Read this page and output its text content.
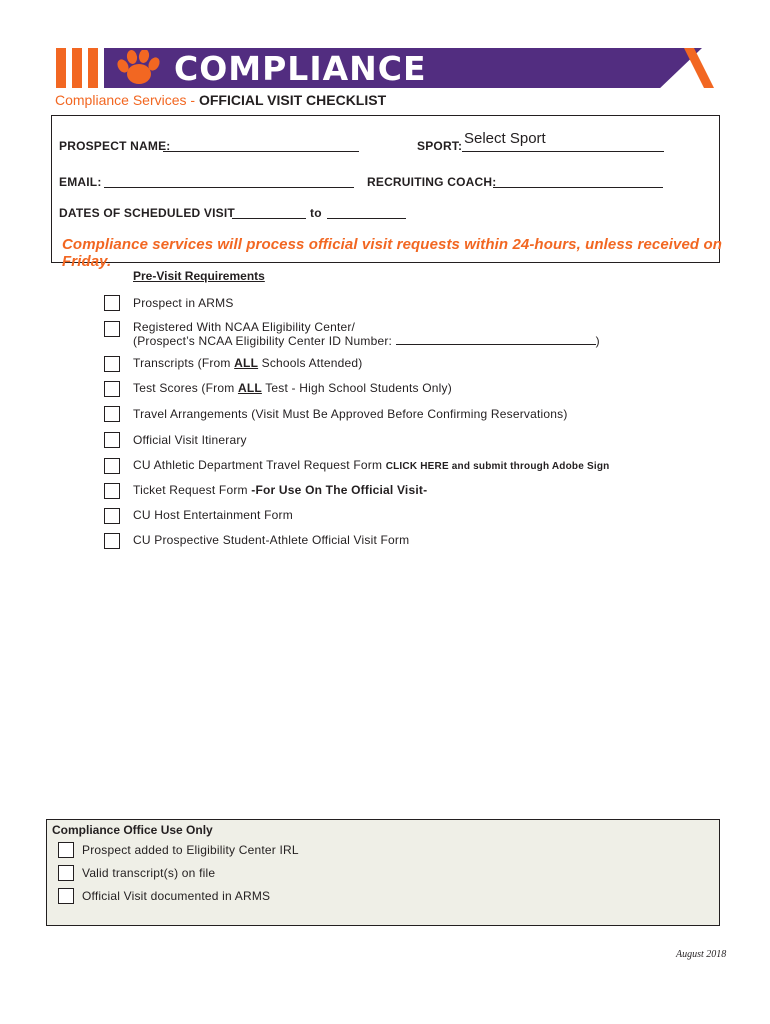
COMPLIANCE
Compliance Services - OFFICIAL VISIT CHECKLIST
PROSPECT NAME:	SPORT: Select Sport
EMAIL:	RECRUITING COACH:
DATES OF SCHEDULED VISIT	to
Compliance services will process official visit requests within 24-hours, unless received on Friday.
Pre-Visit Requirements
Prospect in ARMS
Registered With NCAA Eligibility Center/
(Prospect’s NCAA Eligibility Center ID Number:	)
Transcripts (From ALL Schools Attended)
Test Scores (From ALL Test - High School Students Only)
Travel Arrangements (Visit Must Be Approved Before Confirming Reservations)
Official Visit Itinerary
CU Athletic Department Travel Request Form CLICK HERE and submit through Adobe Sign
Ticket Request Form -For Use On The Official Visit-
CU Host Entertainment Form
CU Prospective Student-Athlete Official Visit Form
Compliance Office Use Only
Prospect added to Eligibility Center IRL
Valid transcript(s) on file
Official Visit documented in ARMS
August 2018
